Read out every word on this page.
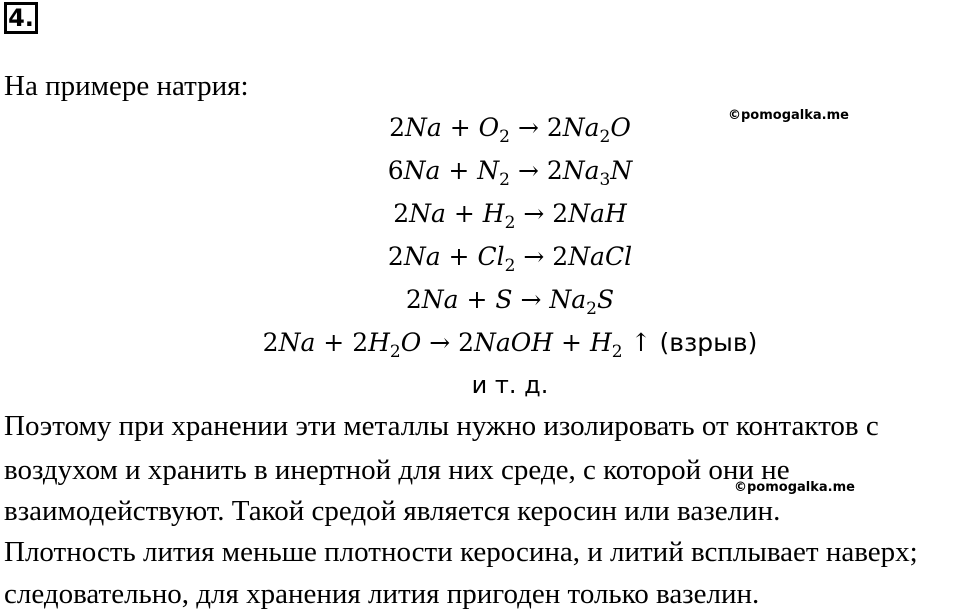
4.
На примере натрия:
©pomogalka.me
$2Na + O_2 \to 2Na_2O$
$6Na + N_2 \to 2Na_3N$
$2Na + H_2 \to 2NaH$
$2Na + Cl_2$ → 2NaCl
$2Na + S \to Na_2S$
$2Na + 2H_2O$ → 2NaOH + $H_2$ ↑ (взрыв)
и т. д.
Поэтому при хранении эти металлы нужно изолировать от контактов с
воздухом и хранить в инертной для них среде, с которой они не
©pomogalka.me
взаимодействуют. Такой средой является керосин или вазелин.
Плотность лития меньше плотности керосина, и литий всплывает наверх;
следовательно, для хранения лития пригоден только вазелин.
